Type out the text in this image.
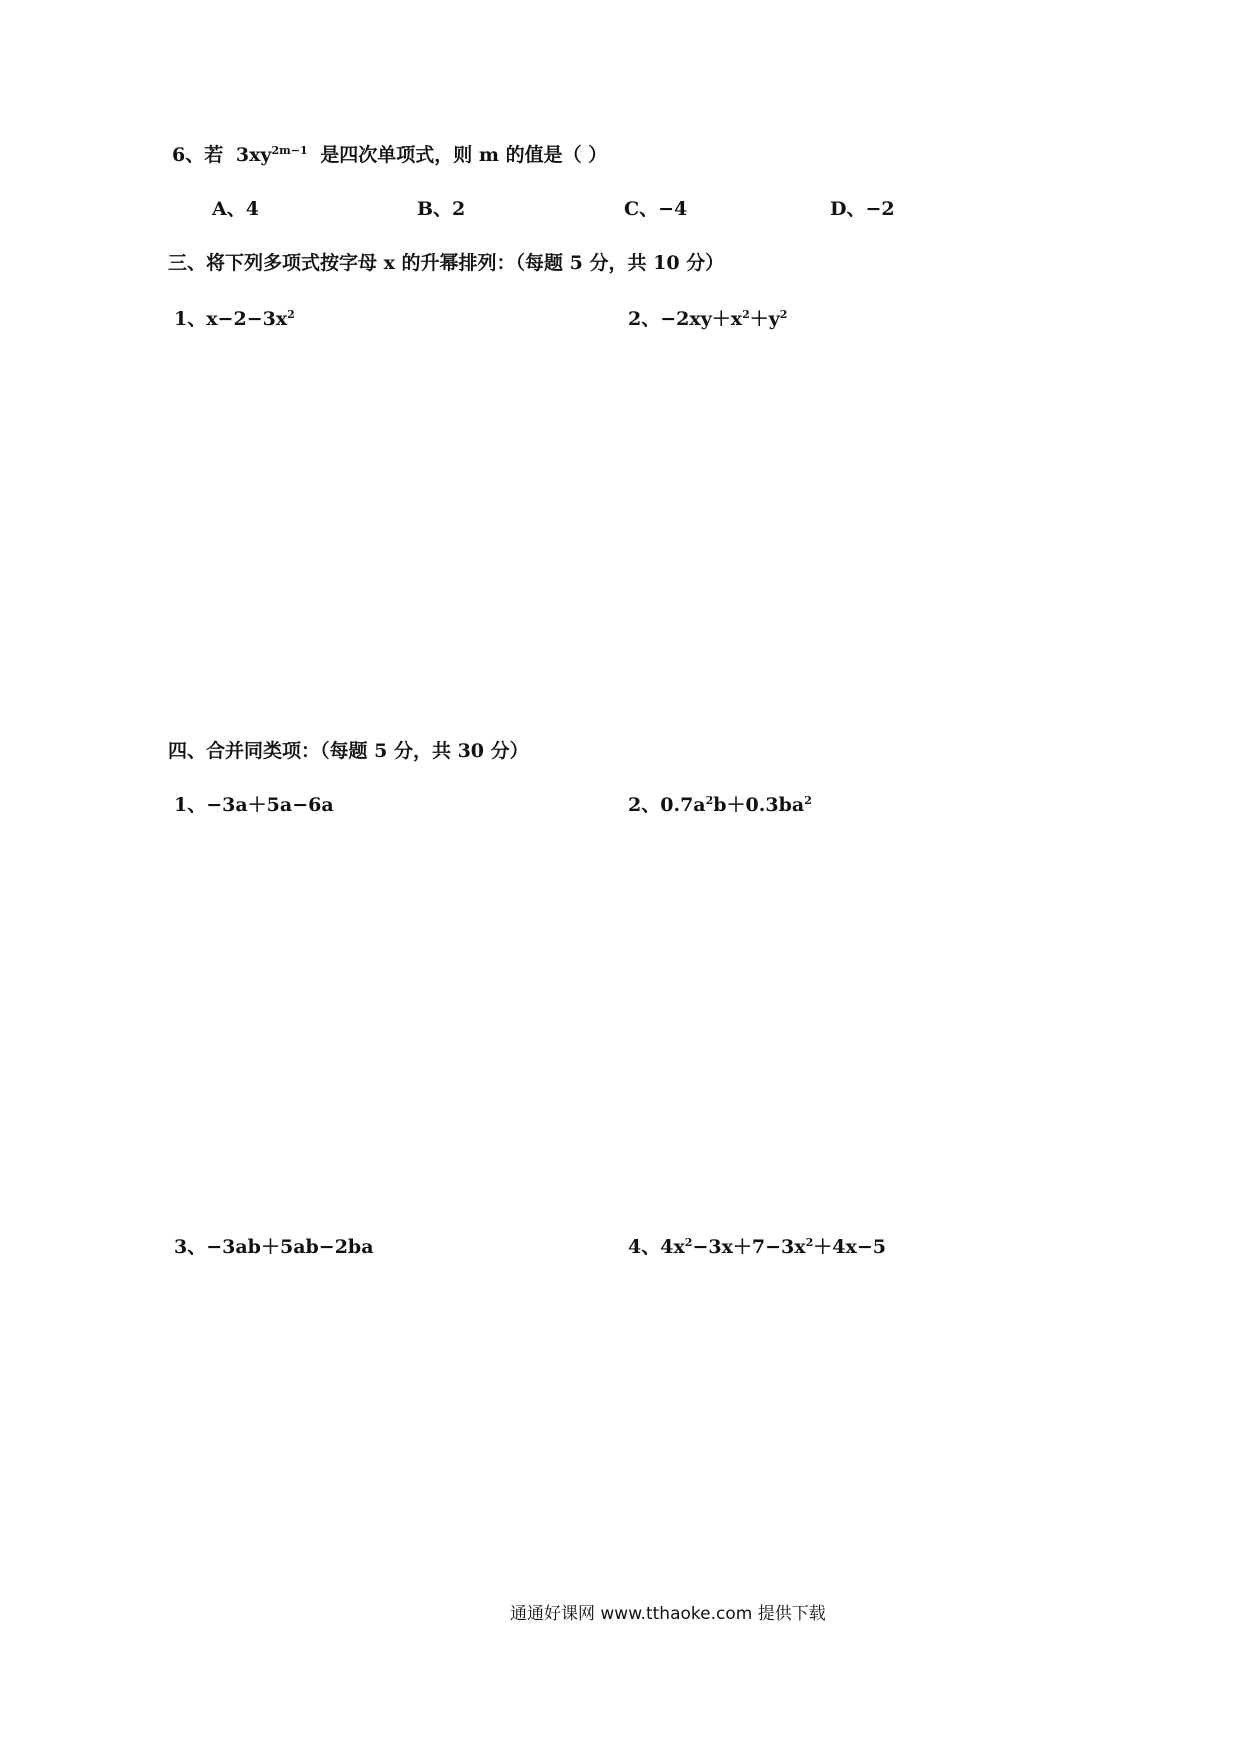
6、若 $3xy^{2m-1}$ 是四次单项式，则 m 的值是（ ）
A、4	B、2	C、−4	D、−2
三、将下列多项式按字母 x 的升幂排列：（每题 5 分，共 10 分）
1、$x-2-3x^2$	2、$-2xy+x^2+y^2$
四、合并同类项：（每题 5 分，共 30 分）
1、−3a＋5a−6a	2、$0.7a^2b+0.3ba^2$
3、−3ab＋5ab−2ba	4、$4x^2-3x+7-3x^2+4x-5$
通通好课网 www.tthaoke.com 提供下载
